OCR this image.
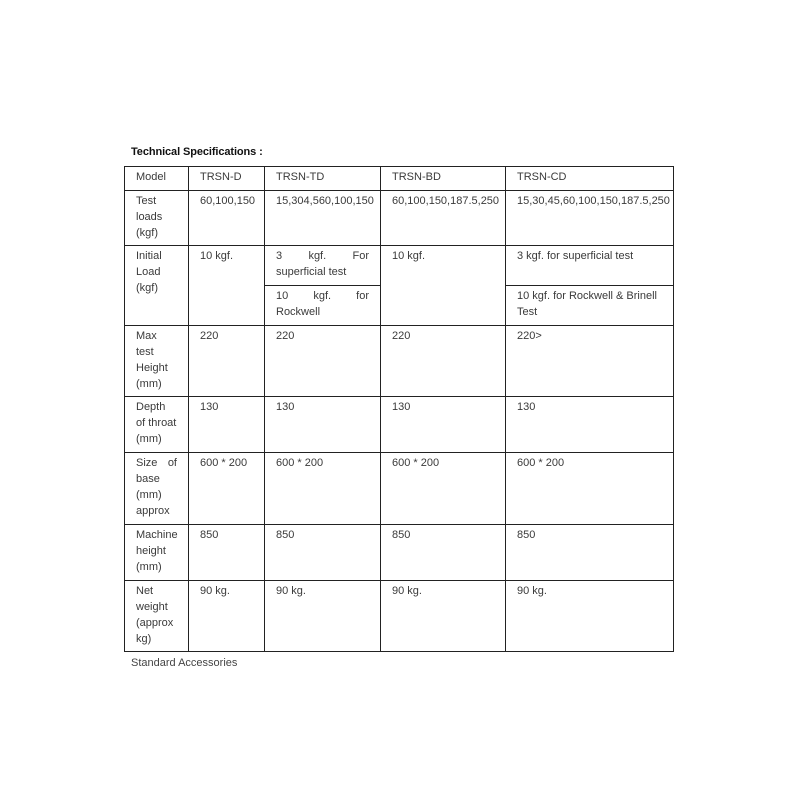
Technical Specifications :
Model	TRSN-D	TRSN-TD	TRSN-BD	TRSN-CD
Test loads (kgf)	60,100,150	15,304,560,100,150	60,100,150,187.5,250	15,30,45,60,100,150,187.5,250
Initial Load (kgf)	10 kgf.	3 kgf. For superficial test	10 kgf.	3 kgf. for superficial test
		10 kgf. for Rockwell		10 kgf. for Rockwell & Brinell Test
Max test Height (mm)	220	220	220	220>
Depth of throat (mm)	130	130	130	130
Size of base (mm) approx	600 * 200	600 * 200	600 * 200	600 * 200
Machine height (mm)	850	850	850	850
Net weight (approx kg)	90 kg.	90 kg.	90 kg.	90 kg.
Standard Accessories
